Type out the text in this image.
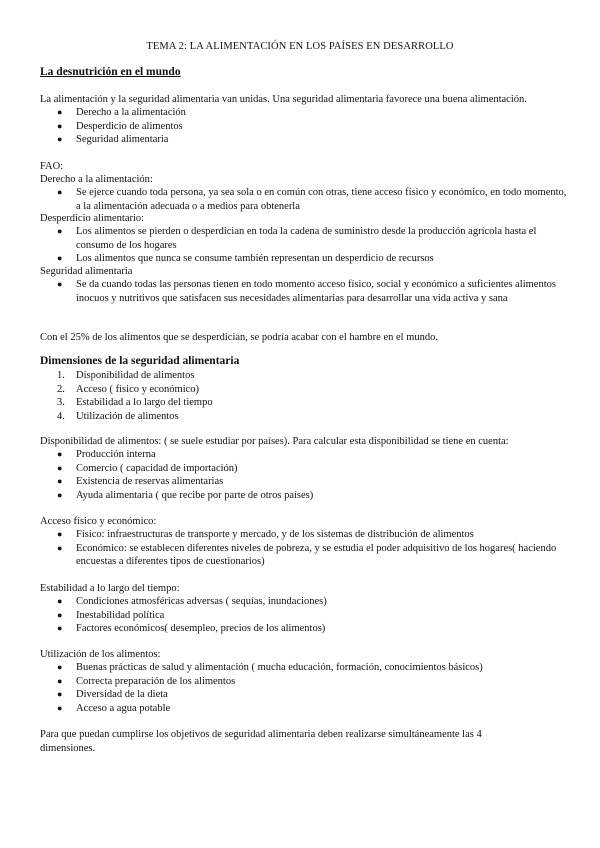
TEMA 2: LA ALIMENTACIÓN EN LOS PAÍSES EN DESARROLLO
La desnutrición en el mundo
La alimentación y la seguridad alimentaria van unidas. Una seguridad alimentaria favorece una buena alimentación.
● Derecho a la alimentación
● Desperdicio de alimentos
● Seguridad alimentaria
FAO:
Derecho a la alimentación:
● Se ejerce cuando toda persona, ya sea sola o en común con otras, tiene acceso físico y económico, en todo momento, a la alimentación adecuada o a medios para obtenerla
Desperdicio alimentario:
● Los alimentos se pierden o desperdician en toda la cadena de suministro desde la producción agrícola hasta el consumo de los hogares
● Los alimentos que nunca se consume también representan un desperdicio de recursos
Seguridad alimentaria
● Se da cuando todas las personas tienen en todo momento acceso físico, social y económico a suficientes alimentos inocuos y nutritivos que satisfacen sus necesidades alimentarias para desarrollar una vida activa y sana
Con el 25% de los alimentos que se desperdician, se podría acabar con el hambre en el mundo.
Dimensiones de la seguridad alimentaria
1. Disponibilidad de alimentos
2. Acceso ( físico y económico)
3. Estabilidad a lo largo del tiempo
4. Utilización de alimentos
Disponibilidad de alimentos: ( se suele estudiar por países). Para calcular esta disponibilidad se tiene en cuenta:
● Producción interna
● Comercio ( capacidad de importación)
● Existencia de reservas alimentarias
● Ayuda alimentaria ( que recibe por parte de otros países)
Acceso físico y económico:
● Físico: infraestructuras de transporte y mercado, y de los sistemas de distribución de alimentos
● Económico: se establecen diferentes niveles de pobreza, y se estudia el poder adquisitivo de los hogares( haciendo encuestas a diferentes tipos de cuestionarios)
Estabilidad a lo largo del tiempo:
● Condiciones atmosféricas adversas ( sequías, inundaciones)
● Inestabilidad política
● Factores económicos( desempleo, precios de los alimentos)
Utilización de los alimentos:
● Buenas prácticas de salud y alimentación ( mucha educación, formación, conocimientos básicos)
● Correcta preparación de los alimentos
● Diversidad de la dieta
● Acceso a agua potable
Para que puedan cumplirse los objetivos de seguridad alimentaria deben realizarse simultáneamente las 4 dimensiones.
